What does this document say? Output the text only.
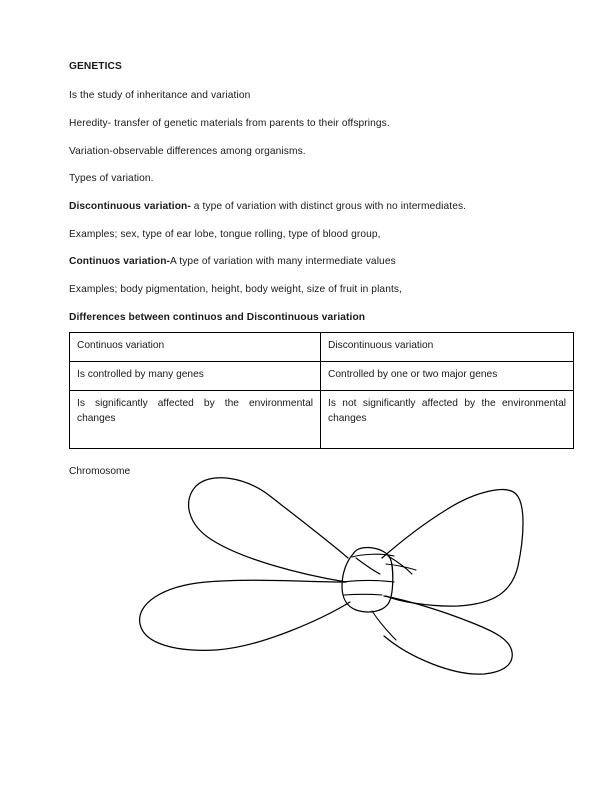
GENETICS

Is the study of inheritance and variation

Heredity- transfer of genetic materials from parents to their offsprings.

Variation-observable differences among organisms.

Types of variation.

Discontinuous variation- a type of variation with distinct grous with no intermediates.

Examples; sex, type of ear lobe, tongue rolling, type of blood group,

Continuos variation-A type of variation with many intermediate values

Examples; body pigmentation, height, body weight, size of fruit in plants,

Differences between continuos and Discontinuous variation

Continuos variation	Discontinuous variation
Is controlled by many genes	Controlled by one or two major genes
Is significantly affected by the environmental changes	Is not significantly affected by the environmental changes
Chromosome
